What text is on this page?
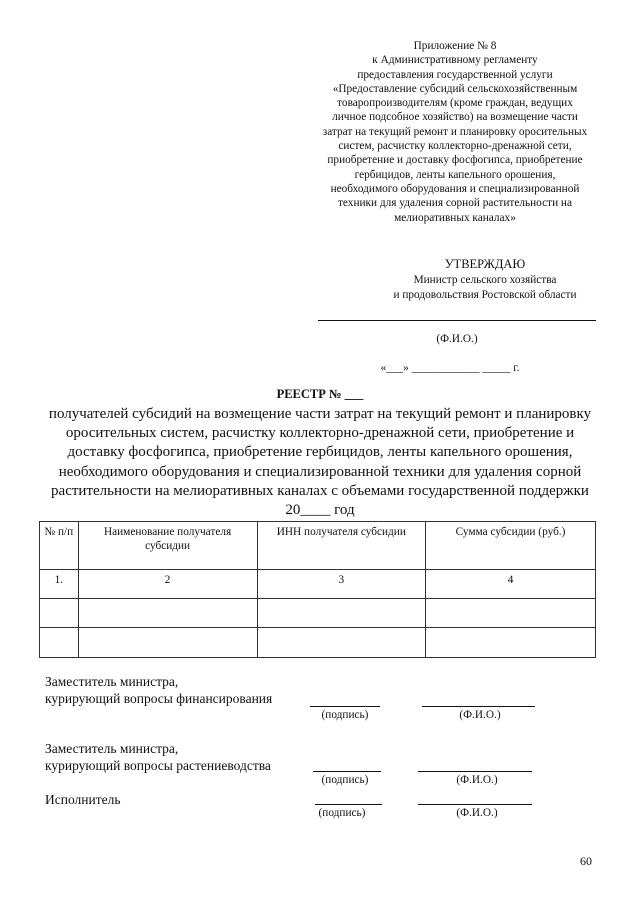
Приложение № 8
к Административному регламенту
предоставления государственной услуги
«Предоставление субсидий сельскохозяйственным
товаропроизводителям (кроме граждан, ведущих
личное подсобное хозяйство) на возмещение части
затрат на текущий ремонт и планировку оросительных
систем, расчистку коллекторно-дренажной сети,
приобретение и доставку фосфогипса, приобретение
гербицидов, ленты капельного орошения,
необходимого оборудования и специализированной
техники для удаления сорной растительности на
мелиоративных каналах»
УТВЕРЖДАЮ
Министр сельского хозяйства
и продовольствия Ростовской области
(Ф.И.О.)
«___» ____________ _____ г.
РЕЕСТР № ___
получателей субсидий на возмещение части затрат на текущий ремонт и планировку
оросительных систем, расчистку коллекторно-дренажной сети, приобретение и
доставку фосфогипса, приобретение гербицидов, ленты капельного орошения,
необходимого оборудования и специализированной техники для удаления сорной
растительности на мелиоративных каналах с объемами государственной поддержки
20____ год
№ п/п	Наименование получателя субсидии	ИНН получателя субсидии	Сумма субсидии (руб.)
1.	2	3	4

Заместитель министра,
курирующий вопросы финансирования
(подпись)	(Ф.И.О.)
Заместитель министра,
курирующий вопросы растениеводства
(подпись)	(Ф.И.О.)
Исполнитель
(подпись)	(Ф.И.О.)
60
